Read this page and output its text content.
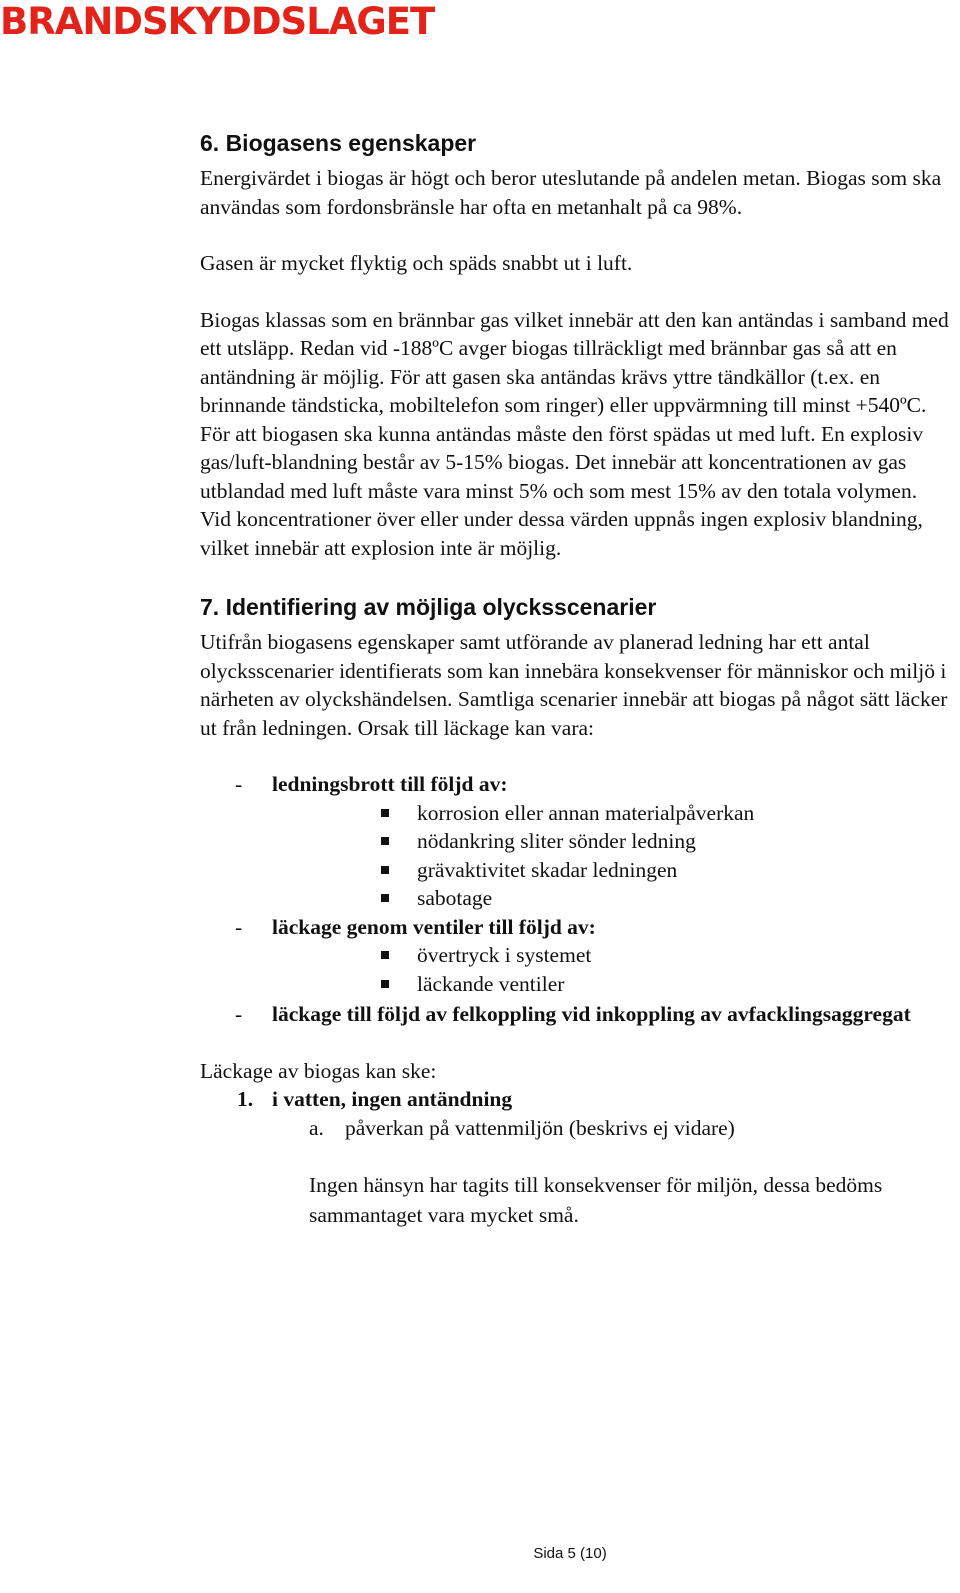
BRANDSKYDDSLAGET
6. Biogasens egenskaper

Energivärdet i biogas är högt och beror uteslutande på andelen metan. Biogas som ska användas som fordonsbränsle har ofta en metanhalt på ca 98%.

Gasen är mycket flyktig och späds snabbt ut i luft.

Biogas klassas som en brännbar gas vilket innebär att den kan antändas i samband med ett utsläpp. Redan vid -188ºC avger biogas tillräckligt med brännbar gas så att en antändning är möjlig. För att gasen ska antändas krävs yttre tändkällor (t.ex. en brinnande tändsticka, mobiltelefon som ringer) eller uppvärmning till minst +540ºC. För att biogasen ska kunna antändas måste den först spädas ut med luft. En explosiv gas/luft-blandning består av 5-15% biogas. Det innebär att koncentrationen av gas utblandad med luft måste vara minst 5% och som mest 15% av den totala volymen. Vid koncentrationer över eller under dessa värden uppnås ingen explosiv blandning, vilket innebär att explosion inte är möjlig.

7. Identifiering av möjliga olycksscenarier

Utifrån biogasens egenskaper samt utförande av planerad ledning har ett antal olycksscenarier identifierats som kan innebära konsekvenser för människor och miljö i närheten av olyckshändelsen. Samtliga scenarier innebär att biogas på något sätt läcker ut från ledningen. Orsak till läckage kan vara:

- ledningsbrott till följd av:
korrosion eller annan materialpåverkan
nödankring sliter sönder ledning
grävaktivitet skadar ledningen
sabotage
- läckage genom ventiler till följd av:
övertryck i systemet
läckande ventiler
- läckage till följd av felkoppling vid inkoppling av avfacklingsaggregat

Läckage av biogas kan ske:

1. i vatten, ingen antändning
a. påverkan på vattenmiljön (beskrivs ej vidare)

Ingen hänsyn har tagits till konsekvenser för miljön, dessa bedöms sammantaget vara mycket små.

Sida 5 (10)
